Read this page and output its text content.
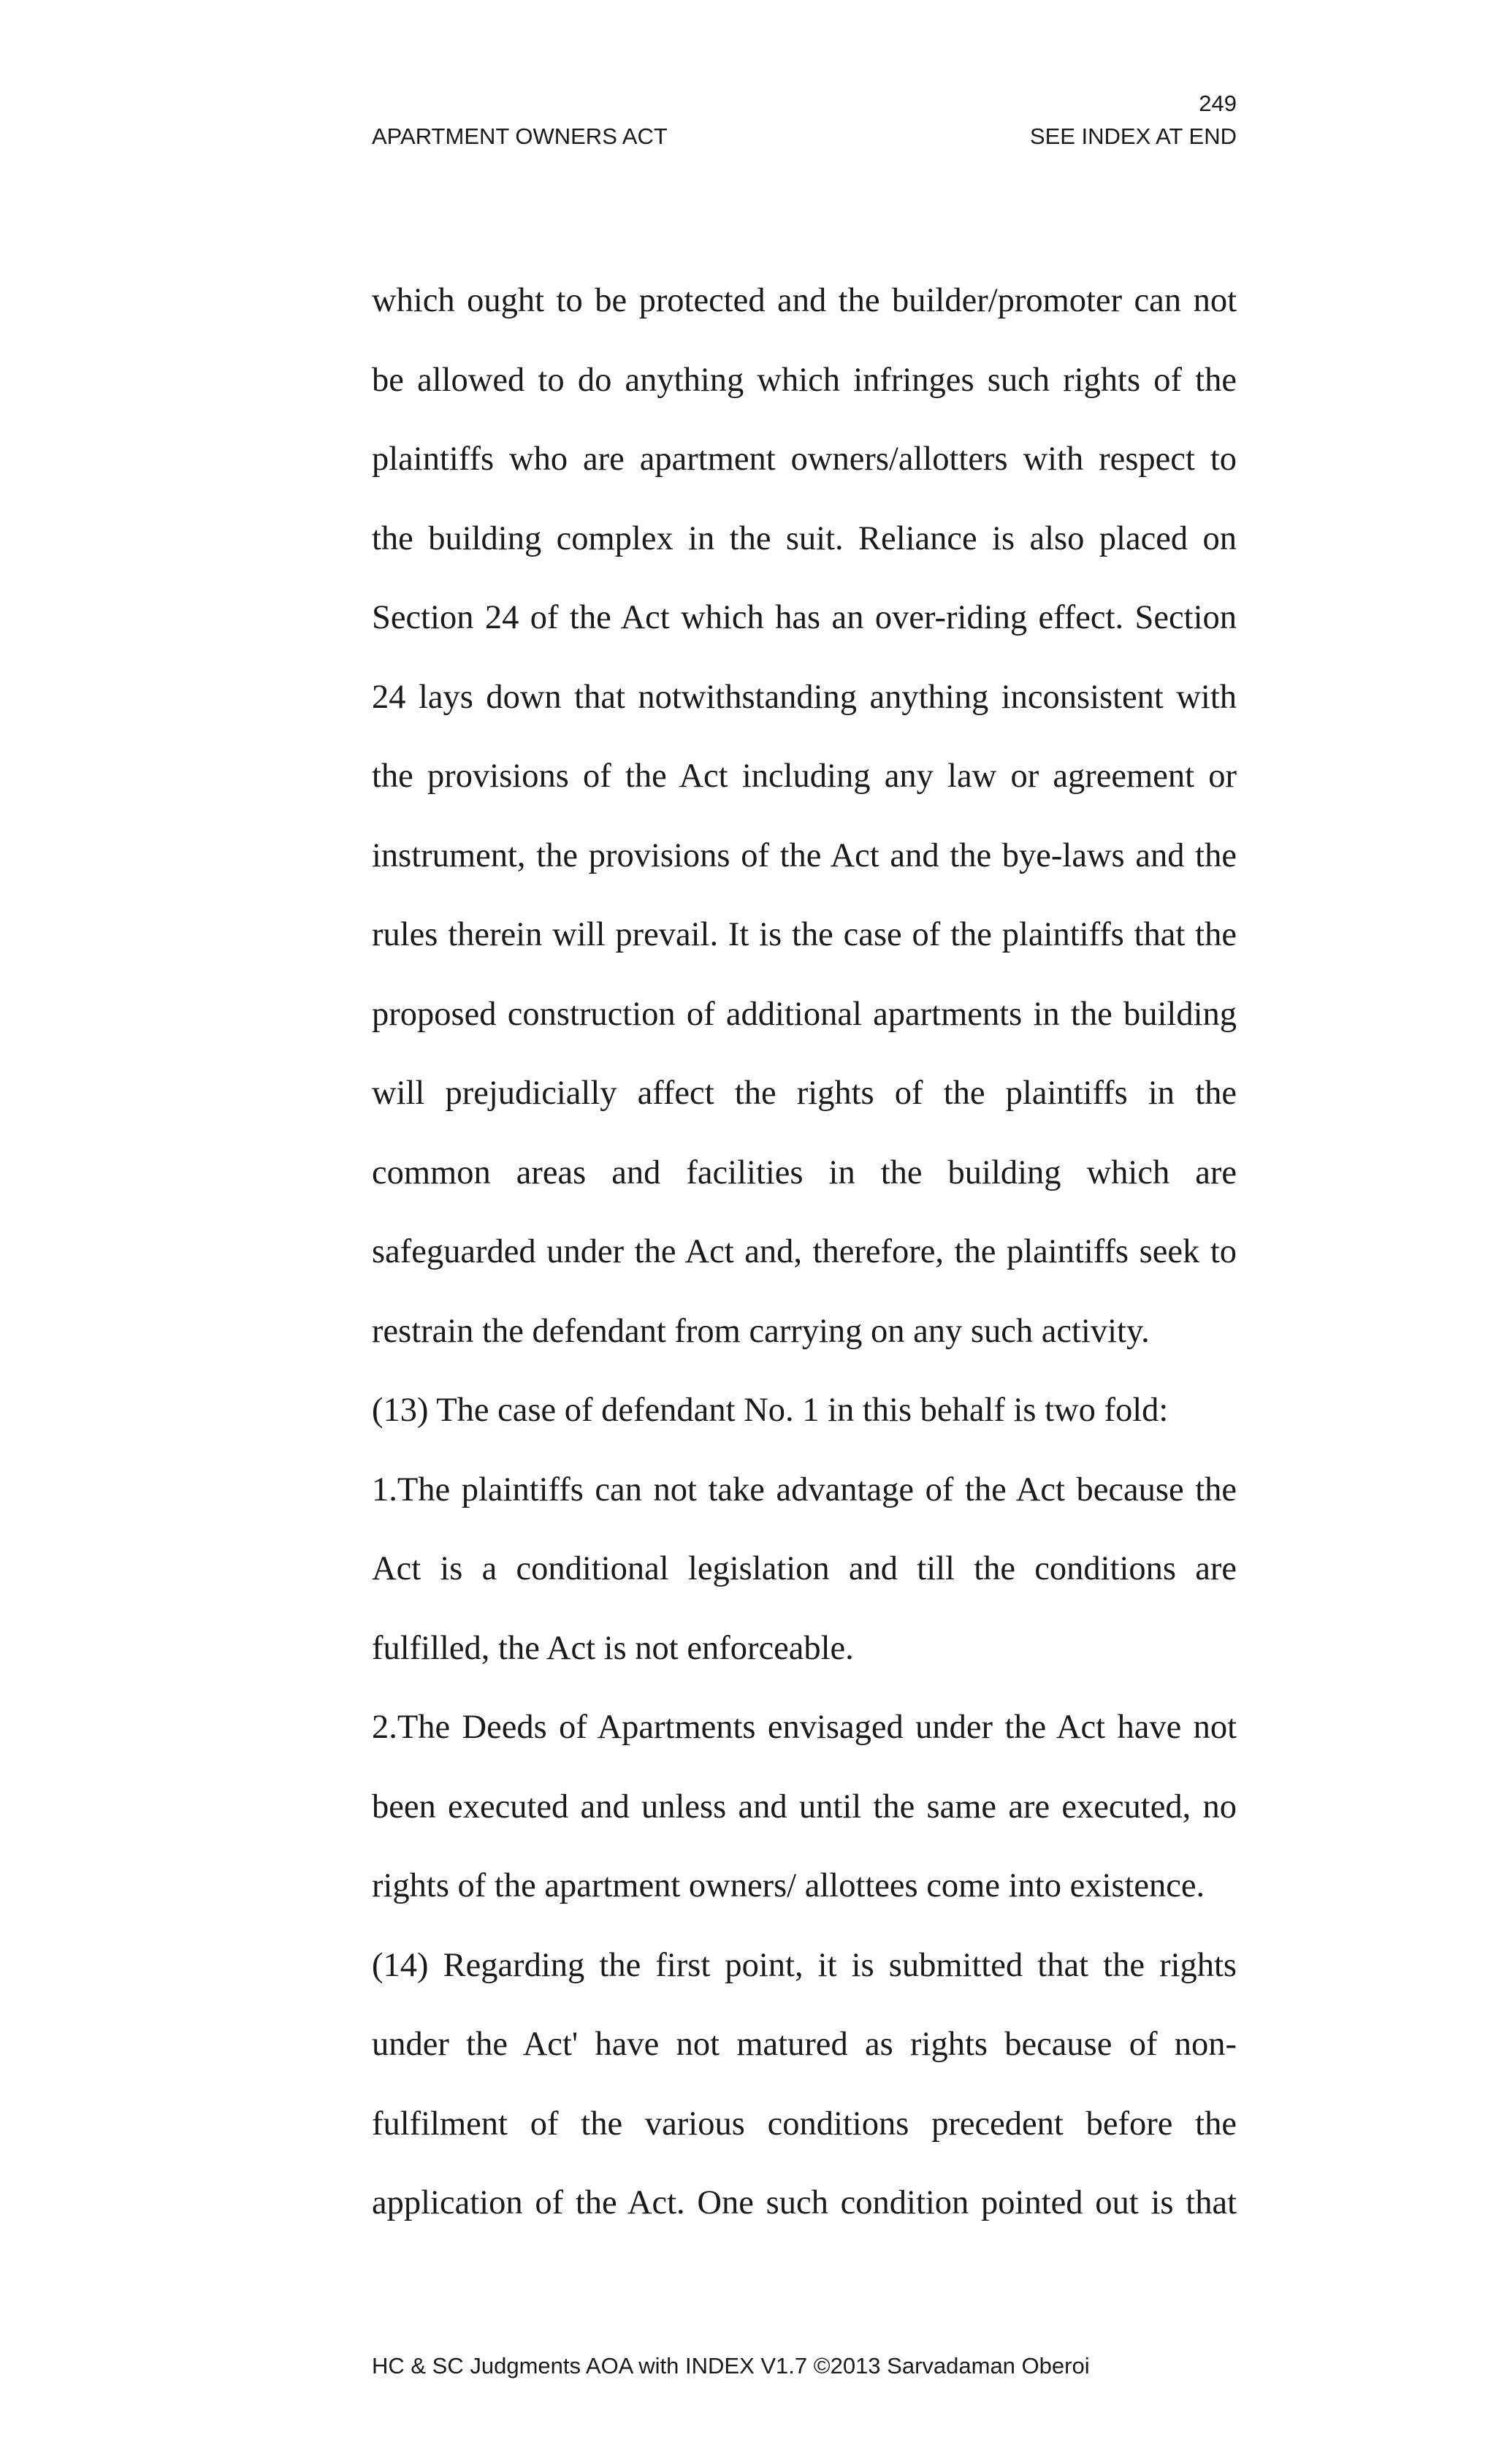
249
APARTMENT OWNERS ACT	SEE INDEX AT END
which ought to be protected and the builder/promoter can not
be allowed to do anything which infringes such rights of the
plaintiffs who are apartment owners/allotters with respect to
the building complex in the suit. Reliance is also placed on
Section 24 of the Act which has an over-riding effect. Section
24 lays down that notwithstanding anything inconsistent with
the provisions of the Act including any law or agreement or
instrument, the provisions of the Act and the bye-laws and the
rules therein will prevail. It is the case of the plaintiffs that the
proposed construction of additional apartments in the building
will prejudicially affect the rights of the plaintiffs in the
common areas and facilities in the building which are
safeguarded under the Act and, therefore, the plaintiffs seek to
restrain the defendant from carrying on any such activity.
(13) The case of defendant No. 1 in this behalf is two fold:
1.The plaintiffs can not take advantage of the Act because the
Act is a conditional legislation and till the conditions are
fulfilled, the Act is not enforceable.
2.The Deeds of Apartments envisaged under the Act have not
been executed and unless and until the same are executed, no
rights of the apartment owners/ allottees come into existence.
(14) Regarding the first point, it is submitted that the rights
under the Act' have not matured as rights because of non-
fulfilment of the various conditions precedent before the
application of the Act. One such condition pointed out is that
HC & SC Judgments AOA with INDEX V1.7 ©2013 Sarvadaman Oberoi
